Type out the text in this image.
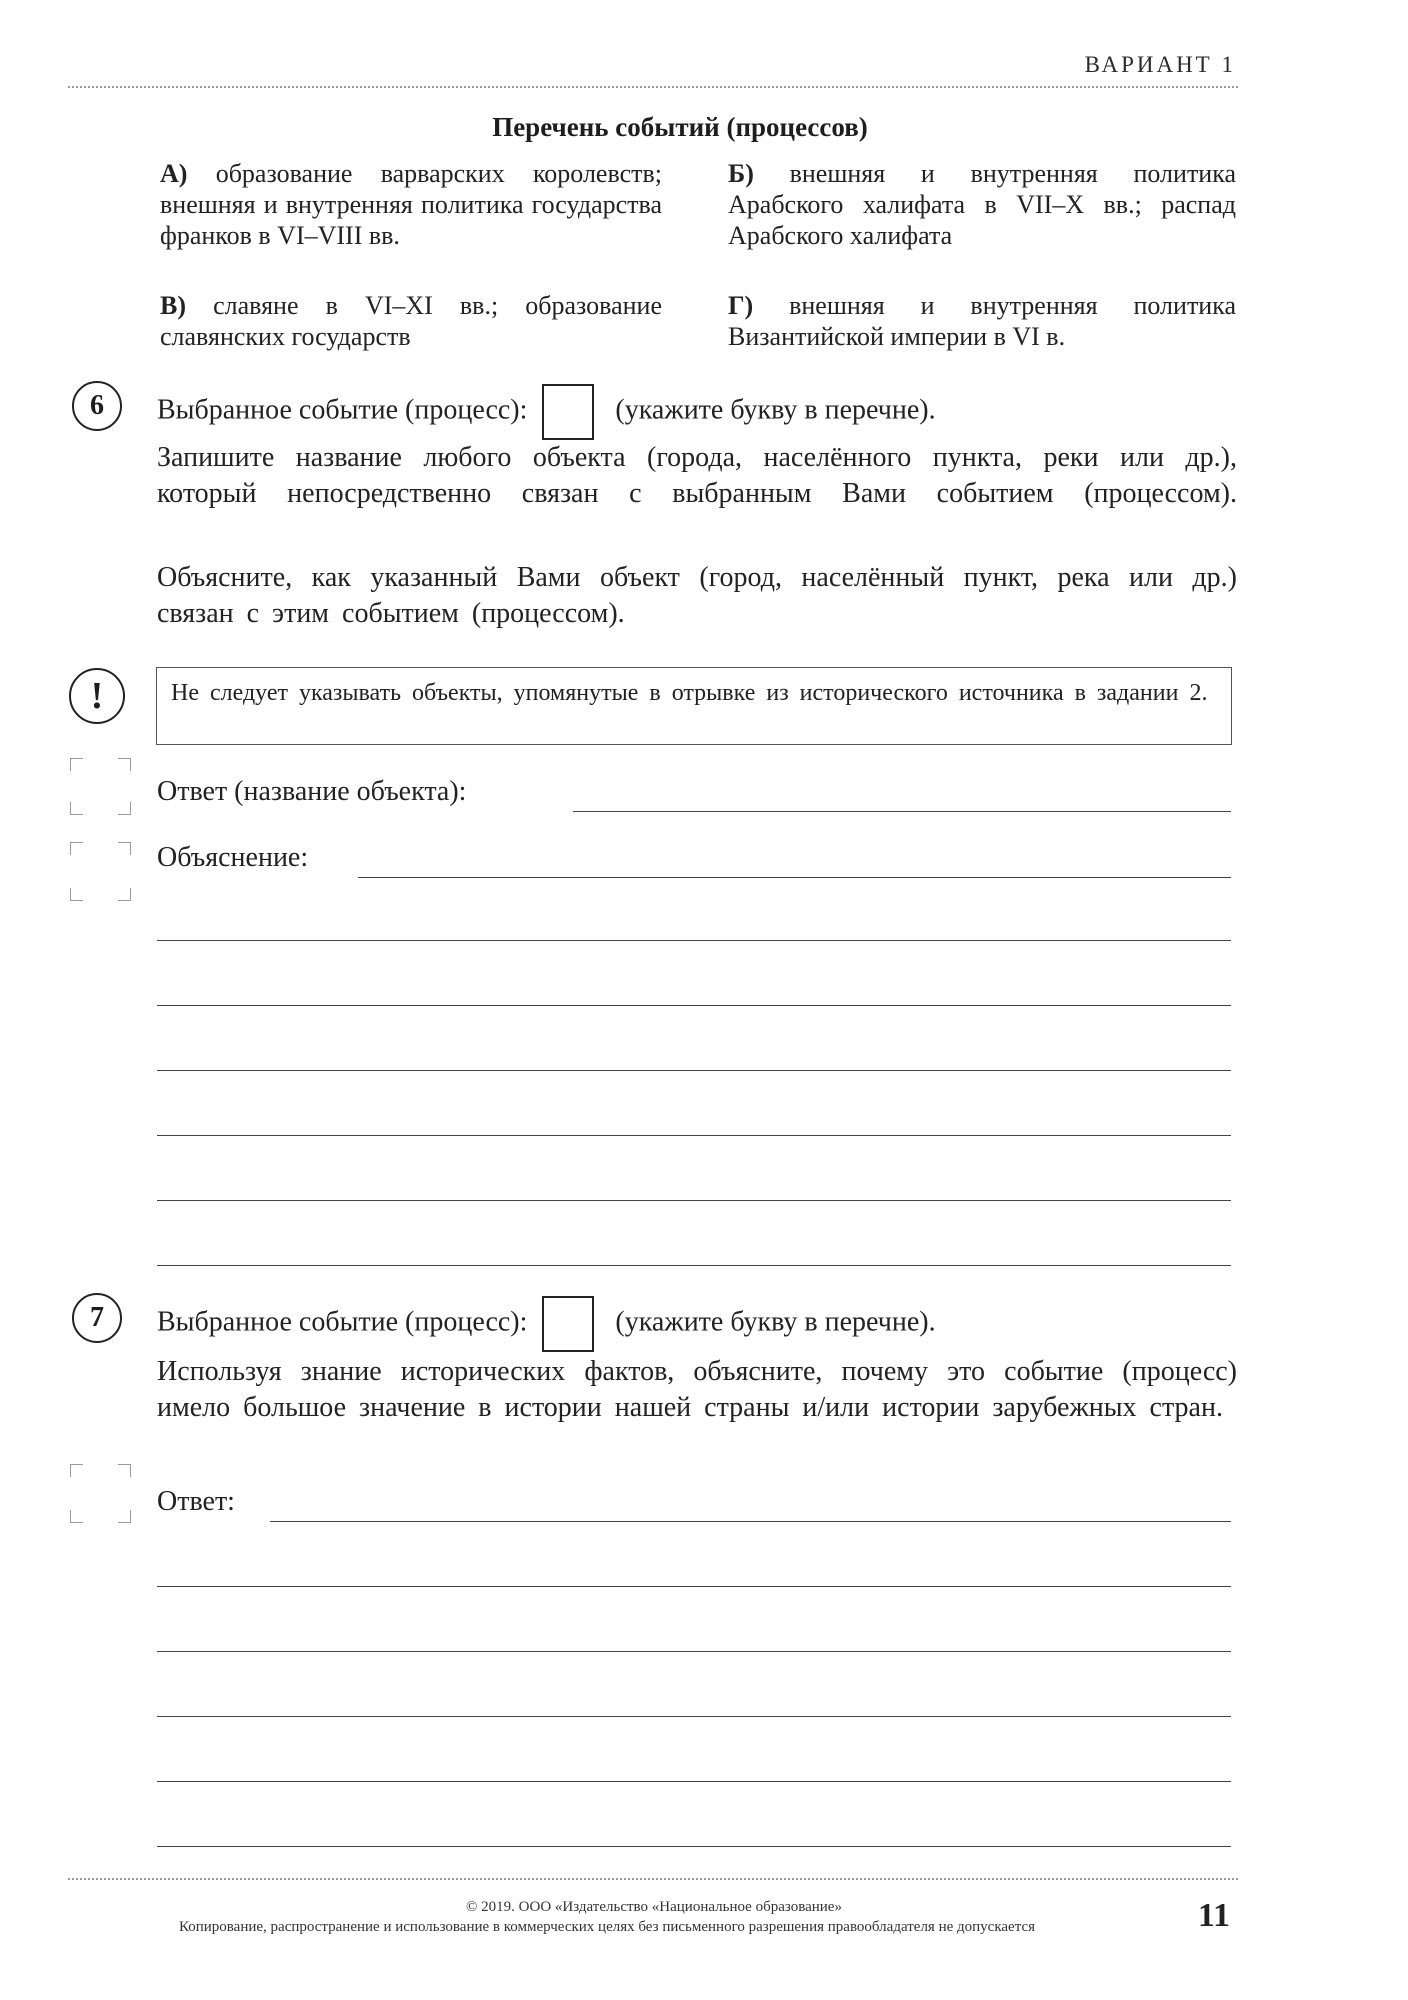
ВАРИАНТ 1
Перечень событий (процессов)
А) образование варварских королевств; внешняя и внутренняя политика государства франков в VI–VIII вв.
Б) внешняя и внутренняя политика Арабского халифата в VII–X вв.; распад Арабского халифата
В) славяне в VI–XI вв.; образование славянских государств
Г) внешняя и внутренняя политика Византийской империи в VI в.
6	Выбранное событие (процесс):	(укажите букву в перечне).
Запишите название любого объекта (города, населённого пункта, реки или др.), который непосредственно связан с выбранным Вами событием (процессом).
Объясните, как указанный Вами объект (город, населённый пункт, река или др.) связан с этим событием (процессом).
!	Не следует указывать объекты, упомянутые в отрывке из исторического источника в задании 2.
Ответ (название объекта):
Объяснение:
7	Выбранное событие (процесс):	(укажите букву в перечне).
Используя знание исторических фактов, объясните, почему это событие (процесс) имело большое значение в истории нашей страны и/или истории зарубежных стран.
Ответ:
© 2019. ООО «Издательство «Национальное образование»
Копирование, распространение и использование в коммерческих целях без письменного разрешения правообладателя не допускается	11
